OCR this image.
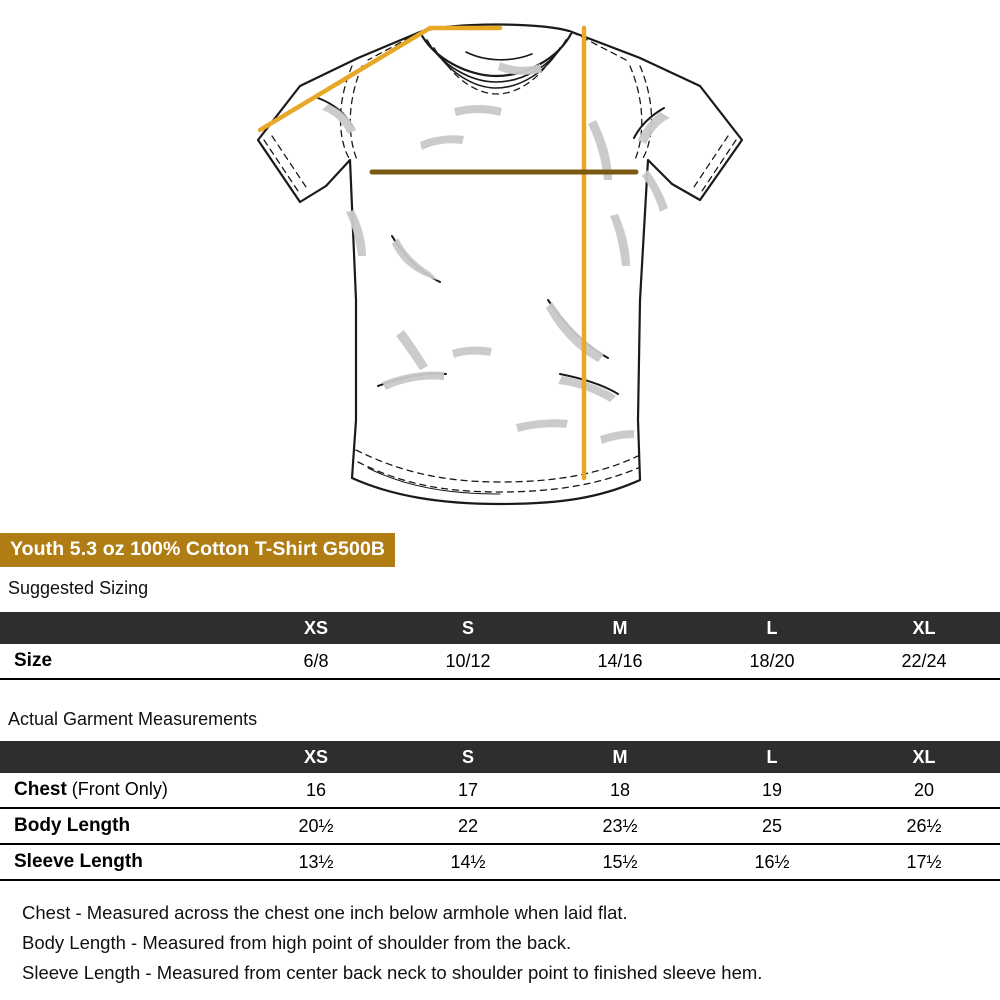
Youth 5.3 oz 100% Cotton T-Shirt G500B
Suggested Sizing
	XS	S	M	L	XL
Size	6/8	10/12	14/16	18/20	22/24
Actual Garment Measurements
	XS	S	M	L	XL
Chest (Front Only)	16	17	18	19	20
Body Length	20½	22	23½	25	26½
Sleeve Length	13½	14½	15½	16½	17½
Chest - Measured across the chest one inch below armhole when laid flat.
Body Length - Measured from high point of shoulder from the back.
Sleeve Length - Measured from center back neck to shoulder point to finished sleeve hem.
